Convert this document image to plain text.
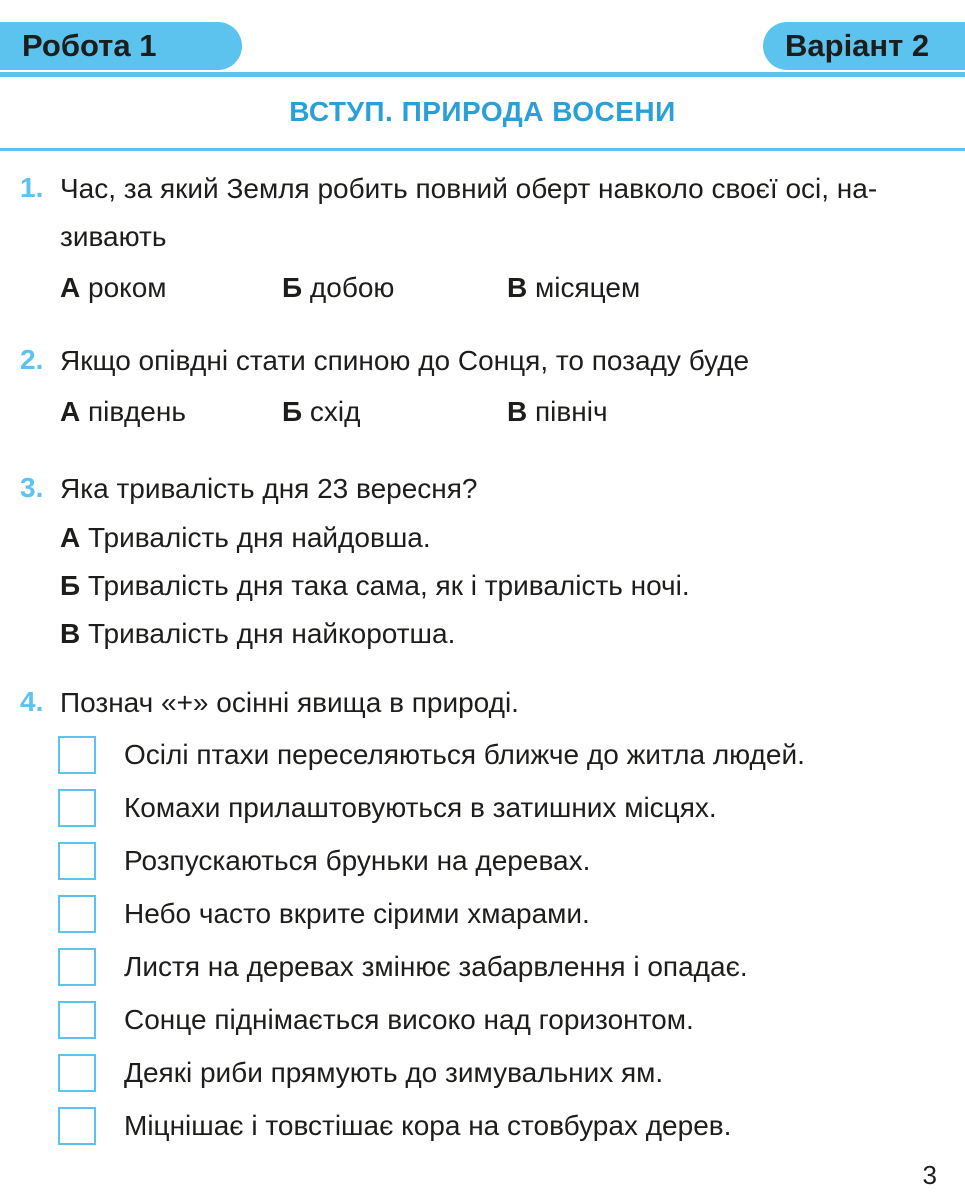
Робота 1	Варіант 2
ВСТУП. ПРИРОДА ВОСЕНИ
1. Час, за який Земля робить повний оберт навколо своєї осі, на-зивають
А роком	Б добою	В місяцем
2. Якщо опівдні стати спиною до Сонця, то позаду буде
А південь	Б схід	В північ
3. Яка тривалість дня 23 вересня?
А Тривалість дня найдовша.
Б Тривалість дня така сама, як і тривалість ночі.
В Тривалість дня найкоротша.
4. Познач «+» осінні явища в природі.
Осілі птахи переселяються ближче до житла людей.
Комахи прилаштовуються в затишних місцях.
Розпускаються бруньки на деревах.
Небо часто вкрите сірими хмарами.
Листя на деревах змінює забарвлення і опадає.
Сонце піднімається високо над горизонтом.
Деякі риби прямують до зимувальних ям.
Міцнішає і товстішає кора на стовбурах дерев.
3
